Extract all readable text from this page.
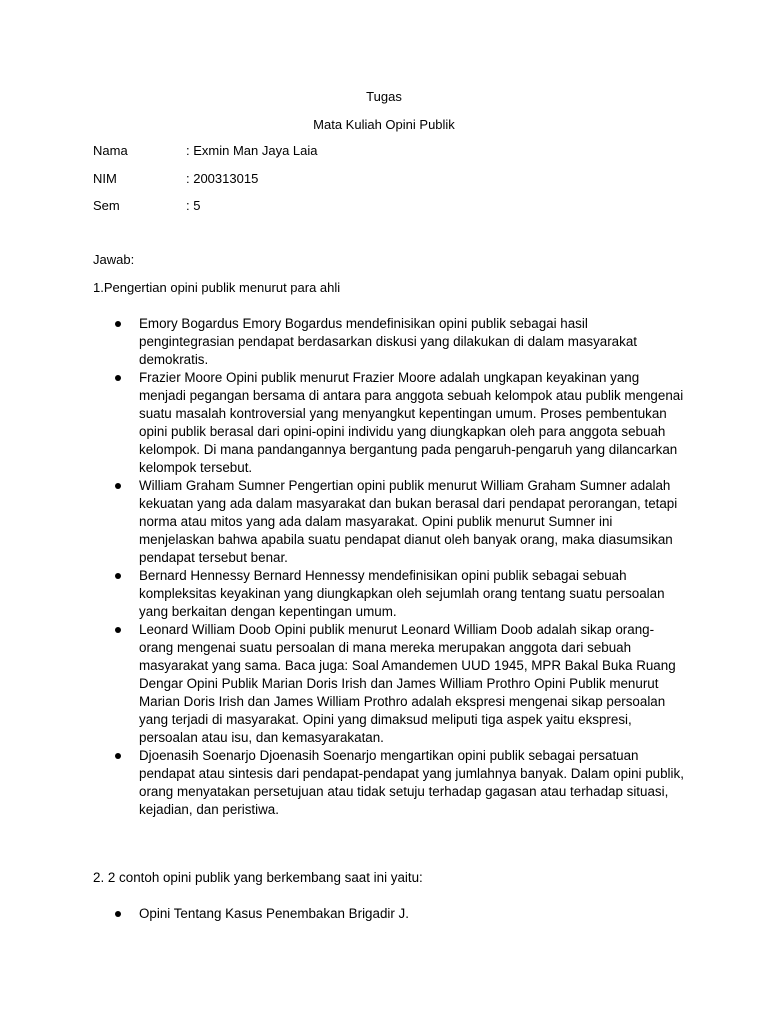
Tugas
Mata Kuliah Opini Publik
Nama	: Exmin Man Jaya Laia
NIM	: 200313015
Sem	: 5
Jawab:
1.Pengertian opini publik menurut para ahli
Emory Bogardus Emory Bogardus mendefinisikan opini publik sebagai hasil pengintegrasian pendapat berdasarkan diskusi yang dilakukan di dalam masyarakat demokratis.
Frazier Moore Opini publik menurut Frazier Moore adalah ungkapan keyakinan yang menjadi pegangan bersama di antara para anggota sebuah kelompok atau publik mengenai suatu masalah kontroversial yang menyangkut kepentingan umum. Proses pembentukan opini publik berasal dari opini-opini individu yang diungkapkan oleh para anggota sebuah kelompok. Di mana pandangannya bergantung pada pengaruh-pengaruh yang dilancarkan kelompok tersebut.
William Graham Sumner Pengertian opini publik menurut William Graham Sumner adalah kekuatan yang ada dalam masyarakat dan bukan berasal dari pendapat perorangan, tetapi norma atau mitos yang ada dalam masyarakat. Opini publik menurut Sumner ini menjelaskan bahwa apabila suatu pendapat dianut oleh banyak orang, maka diasumsikan pendapat tersebut benar.
Bernard Hennessy Bernard Hennessy mendefinisikan opini publik sebagai sebuah kompleksitas keyakinan yang diungkapkan oleh sejumlah orang tentang suatu persoalan yang berkaitan dengan kepentingan umum.
Leonard William Doob Opini publik menurut Leonard William Doob adalah sikap orang-orang mengenai suatu persoalan di mana mereka merupakan anggota dari sebuah masyarakat yang sama. Baca juga: Soal Amandemen UUD 1945, MPR Bakal Buka Ruang Dengar Opini Publik Marian Doris Irish dan James William Prothro Opini Publik menurut Marian Doris Irish dan James William Prothro adalah ekspresi mengenai sikap persoalan yang terjadi di masyarakat. Opini yang dimaksud meliputi tiga aspek yaitu ekspresi, persoalan atau isu, dan kemasyarakatan.
Djoenasih Soenarjo Djoenasih Soenarjo mengartikan opini publik sebagai persatuan pendapat atau sintesis dari pendapat-pendapat yang jumlahnya banyak. Dalam opini publik, orang menyatakan persetujuan atau tidak setuju terhadap gagasan atau terhadap situasi, kejadian, dan peristiwa.
2. 2 contoh opini publik yang berkembang saat ini yaitu:
Opini Tentang Kasus Penembakan Brigadir J.
